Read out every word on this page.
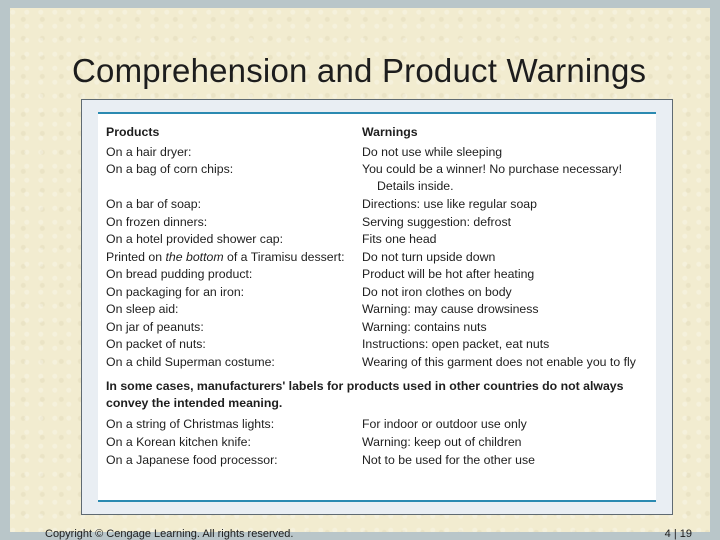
Comprehension and Product Warnings
Products	Warnings
On a hair dryer:	Do not use while sleeping
On a bag of corn chips:	You could be a winner! No purchase necessary!
Details inside.
On a bar of soap:	Directions: use like regular soap
On frozen dinners:	Serving suggestion: defrost
On a hotel provided shower cap:	Fits one head
Printed on the bottom of a Tiramisu dessert: Do not turn upside down
On bread pudding product:	Product will be hot after heating
On packaging for an iron:	Do not iron clothes on body
On sleep aid:	Warning: may cause drowsiness
On jar of peanuts:	Warning: contains nuts
On packet of nuts:	Instructions: open packet, eat nuts
On a child Superman costume:	Wearing of this garment does not enable you to fly
In some cases, manufacturers' labels for products used in other countries do not always convey the intended meaning.
On a string of Christmas lights:	For indoor or outdoor use only
On a Korean kitchen knife:	Warning: keep out of children
On a Japanese food processor:	Not to be used for the other use
Copyright © Cengage Learning. All rights reserved.	4 | 19
